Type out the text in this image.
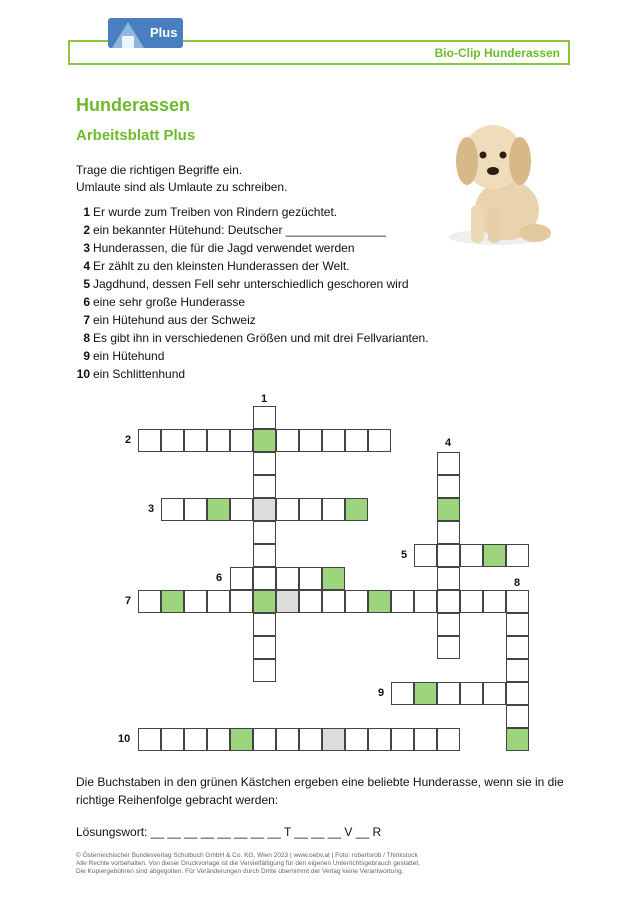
Bio-Clip Hunderassen
Plus
Hunderassen
Arbeitsblatt Plus
Trage die richtigen Begriffe ein.
Umlaute sind als Umlaute zu schreiben.
1 Er wurde zum Treiben von Rindern gezüchtet.
2 ein bekannter Hütehund: Deutscher _______________
3 Hunderassen, die für die Jagd verwendet werden
4 Er zählt zu den kleinsten Hunderassen der Welt.
5 Jagdhund, dessen Fell sehr unterschiedlich geschoren wird
6 eine sehr große Hunderasse
7 ein Hütehund aus der Schweiz
8 Es gibt ihn in verschiedenen Größen und mit drei Fellvarianten.
9 ein Hütehund
10 ein Schlittenhund
1
2
3
4
5
6
7
8
9
10
Die Buchstaben in den grünen Kästchen ergeben eine beliebte Hunderasse, wenn sie in die
richtige Reihenfolge gebracht werden:
Lösungswort: __ __ __ __ __ __ __ __ T __ __ __ V __ R
© Österreichischer Bundesverlag Schulbuch GmbH & Co. KG, Wien 2023 | www.oebv.at | Foto: robertsrob / Thinkstock
Alle Rechte vorbehalten. Von dieser Druckvorlage ist die Vervielfältigung für den eigenen Unterrichtsgebrauch gestattet.
Die Kopiergebühren sind abgegolten. Für Veränderungen durch Dritte übernimmt der Verlag keine Verantwortung.
